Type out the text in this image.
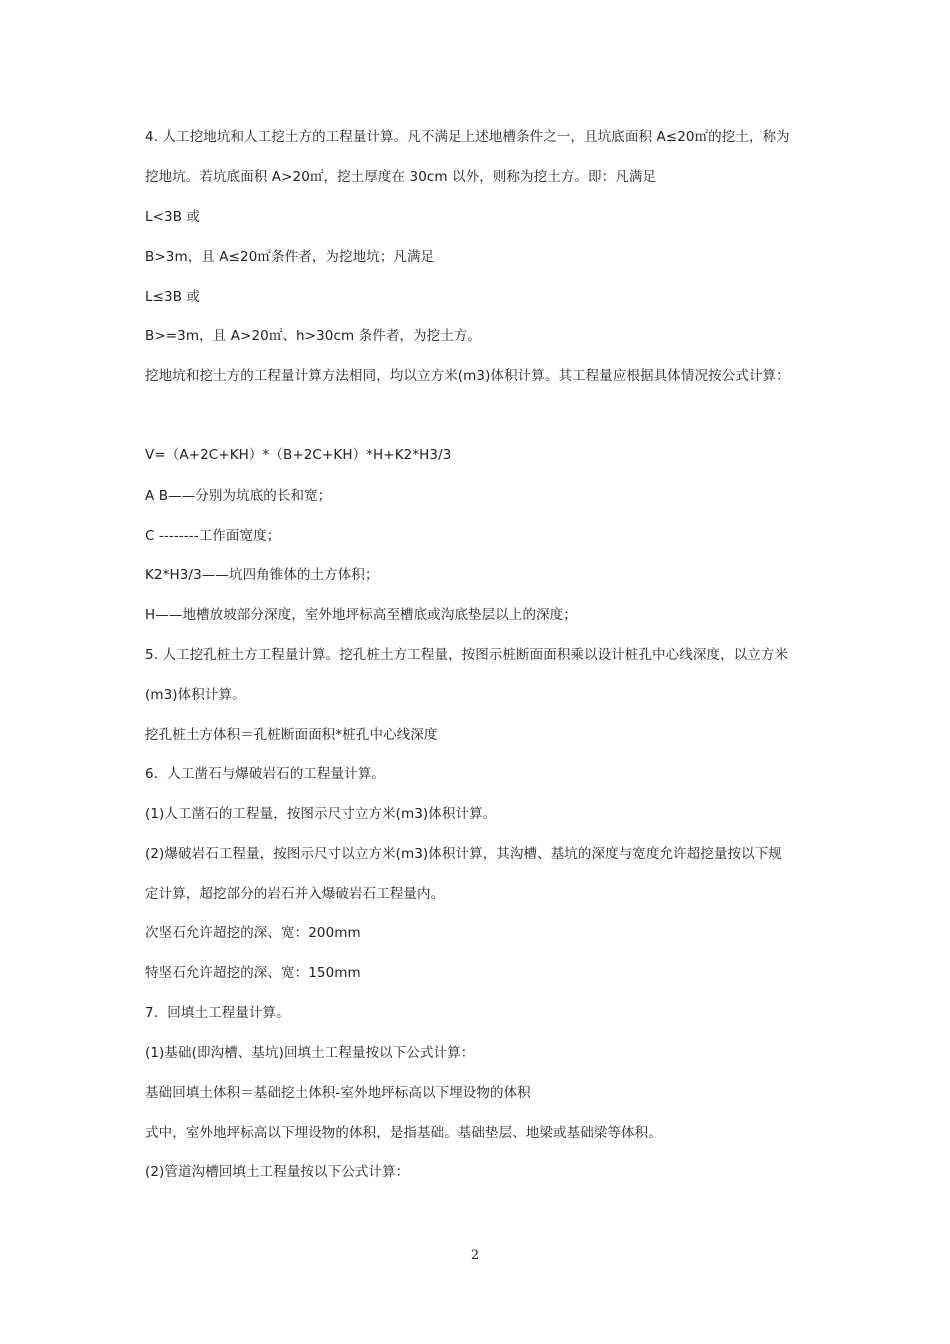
4. 人工挖地坑和人工挖土方的工程量计算。凡不满足上述地槽条件之一，且坑底面积 A≤20㎡的挖土，称为
挖地坑。若坑底面积 A>20㎡，挖土厚度在 30cm 以外，则称为挖土方。即：凡满足
L<3B 或
B>3m，且 A≤20㎡条件者，为挖地坑；凡满足
L≤3B 或
B>=3m，且 A>20㎡、h>30cm 条件者，为挖土方。
挖地坑和挖土方的工程量计算方法相同，均以立方米(m3)体积计算。其工程量应根据具体情况按公式计算：
V=（A+2C+KH）*（B+2C+KH）*H+K2*H3/3
A B——分别为坑底的长和宽；
C --------工作面宽度；
K2*H3/3——坑四角锥体的土方体积；
H——地槽放坡部分深度，室外地坪标高至槽底或沟底垫层以上的深度；
5. 人工挖孔桩土方工程量计算。挖孔桩土方工程量，按图示桩断面面积乘以设计桩孔中心线深度，以立方米
(m3)体积计算。
挖孔桩土方体积＝孔桩断面面积*桩孔中心线深度
6．人工凿石与爆破岩石的工程量计算。
(1)人工凿石的工程量，按图示尺寸立方米(m3)体积计算。
(2)爆破岩石工程量，按图示尺寸以立方米(m3)体积计算，其沟槽、基坑的深度与宽度允许超挖量按以下规
定计算，超挖部分的岩石并入爆破岩石工程量内。
次坚石允许超挖的深、宽：200mm
特坚石允许超挖的深、宽：150mm
7．回填土工程量计算。
(1)基础(即沟槽、基坑)回填土工程量按以下公式计算：
基础回填土体积＝基础挖土体积-室外地坪标高以下埋设物的体积
式中，室外地坪标高以下埋设物的体积，是指基础。基础垫层、地梁或基础梁等体积。
(2)管道沟槽回填土工程量按以下公式计算：
2
